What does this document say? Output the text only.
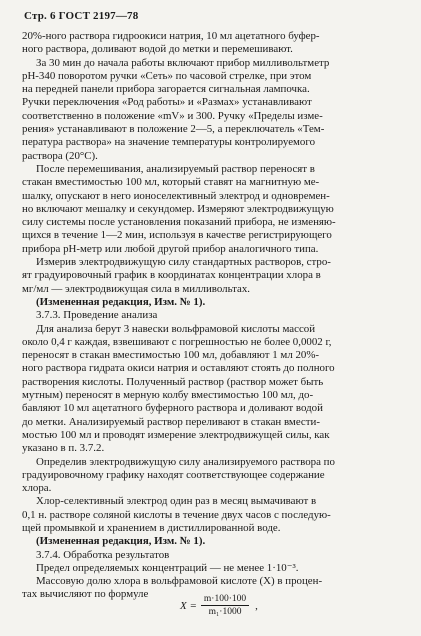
Стр. 6 ГОСТ 2197—78
20%-ного раствора гидроокиси натрия, 10 мл ацетатного буфер-
ного раствора, доливают водой до метки и перемешивают.
За 30 мин до начала работы включают прибор милливольтметр
рН-340 поворотом ручки «Сеть» по часовой стрелке, при этом
на передней панели прибора загорается сигнальная лампочка.
Ручки переключения «Род работы» и «Размах» устанавливают
соответственно в положение «mV» и 300. Ручку «Пределы изме-
рения» устанавливают в положение 2—5, а переключатель «Тем-
пература раствора» на значение температуры контролируемого
раствора (20°С).
После перемешивания, анализируемый раствор переносят в
стакан вместимостью 100 мл, который ставят на магнитную ме-
шалку, опускают в него ионоселективный электрод и одновремен-
но включают мешалку и секундомер. Измеряют электродвижущую
силу системы после установления показаний прибора, не изменяю-
щихся в течение 1—2 мин, используя в качестве регистрирующего
прибора рН-метр или любой другой прибор аналогичного типа.
Измерив электродвижущую силу стандартных растворов, стро-
ят градуировочный график в координатах концентрации хлора в
мг/мл — электродвижущая сила в милливольтах.
(Измененная редакция, Изм. № 1).
3.7.3. Проведение анализа
Для анализа берут 3 навески вольфрамовой кислоты массой
около 0,4 г каждая, взвешивают с погрешностью не более 0,0002 г,
переносят в стакан вместимостью 100 мл, добавляют 1 мл 20%-
ного раствора гидрата окиси натрия и оставляют стоять до полного
растворения кислоты. Полученный раствор (раствор может быть
мутным) переносят в мерную колбу вместимостью 100 мл, до-
бавляют 10 мл ацетатного буферного раствора и доливают водой
до метки. Анализируемый раствор переливают в стакан вмести-
мостью 100 мл и проводят измерение электродвижущей силы, как
указано в п. 3.7.2.
Определив электродвижущую силу анализируемого раствора по
градуировочному графику находят соответствующее содержание
хлора.
Хлор-селективный электрод один раз в месяц вымачивают в
0,1 н. растворе соляной кислоты в течение двух часов с последую-
щей промывкой и хранением в дистиллированной воде.
(Измененная редакция, Изм. № 1).
3.7.4. Обработка результатов
Предел определяемых концентраций — не менее 1·10⁻³.
Массовую долю хлора в вольфрамовой кислоте (X) в процен-
тах вычисляют по формуле
$X = \frac{m\cdot 100\cdot 100}{\text{m₁·1000}}$ ,
